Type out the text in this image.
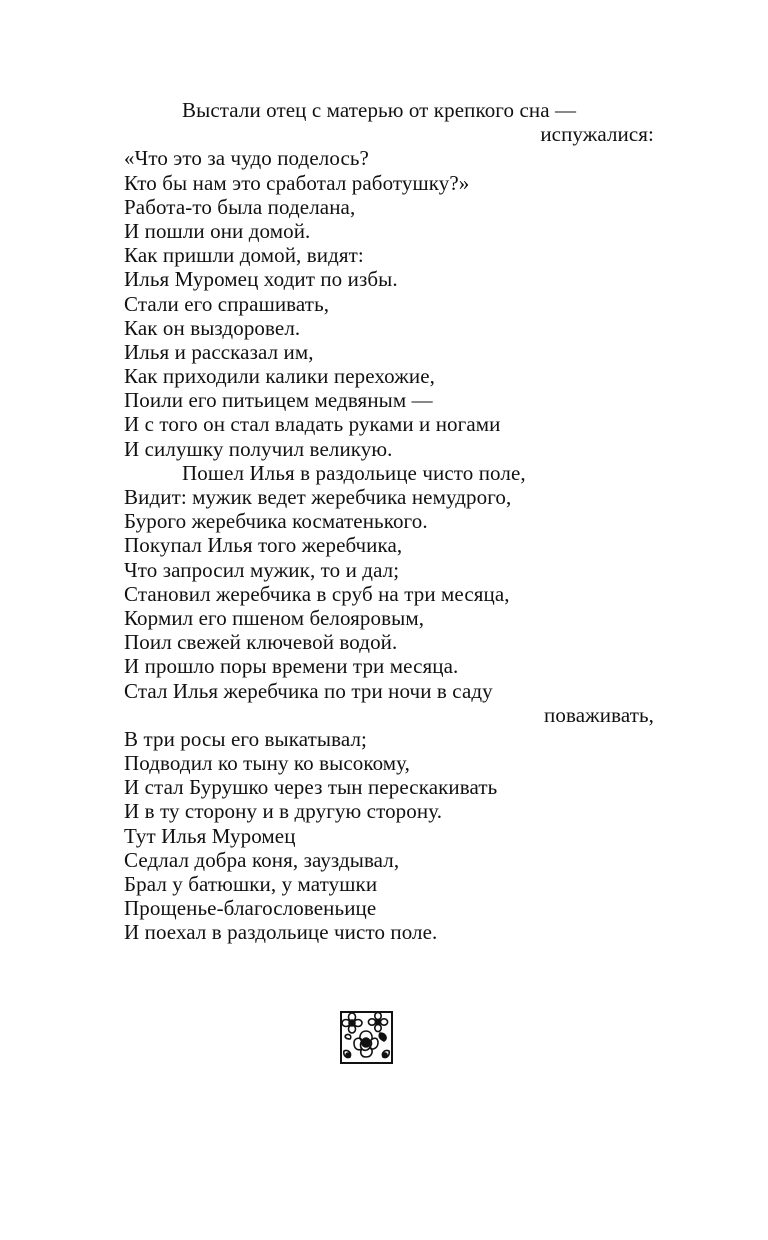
Выстали отец с матерью от крепкого сна —
испужалися:
«Что это за чудо поделось?
Кто бы нам это сработал работушку?»
Работа-то была поделана,
И пошли они домой.
Как пришли домой, видят:
Илья Муромец ходит по избы.
Стали его спрашивать,
Как он выздоровел.
Илья и рассказал им,
Как приходили калики перехожие,
Поили его питьицем медвяным —
И с того он стал владать руками и ногами
И силушку получил великую.
Пошел Илья в раздольице чисто поле,
Видит: мужик ведет жеребчика немудрого,
Бурого жеребчика косматенького.
Покупал Илья того жеребчика,
Что запросил мужик, то и дал;
Становил жеребчика в сруб на три месяца,
Кормил его пшеном белояровым,
Поил свежей ключевой водой.
И прошло поры времени три месяца.
Стал Илья жеребчика по три ночи в саду
поваживать,
В три росы его выкатывал;
Подводил ко тыну ко высокому,
И стал Бурушко через тын перескакивать
И в ту сторону и в другую сторону.
Тут Илья Муромец
Седлал добра коня, зауздывал,
Брал у батюшки, у матушки
Прощенье-благословеньице
И поехал в раздольице чисто поле.
